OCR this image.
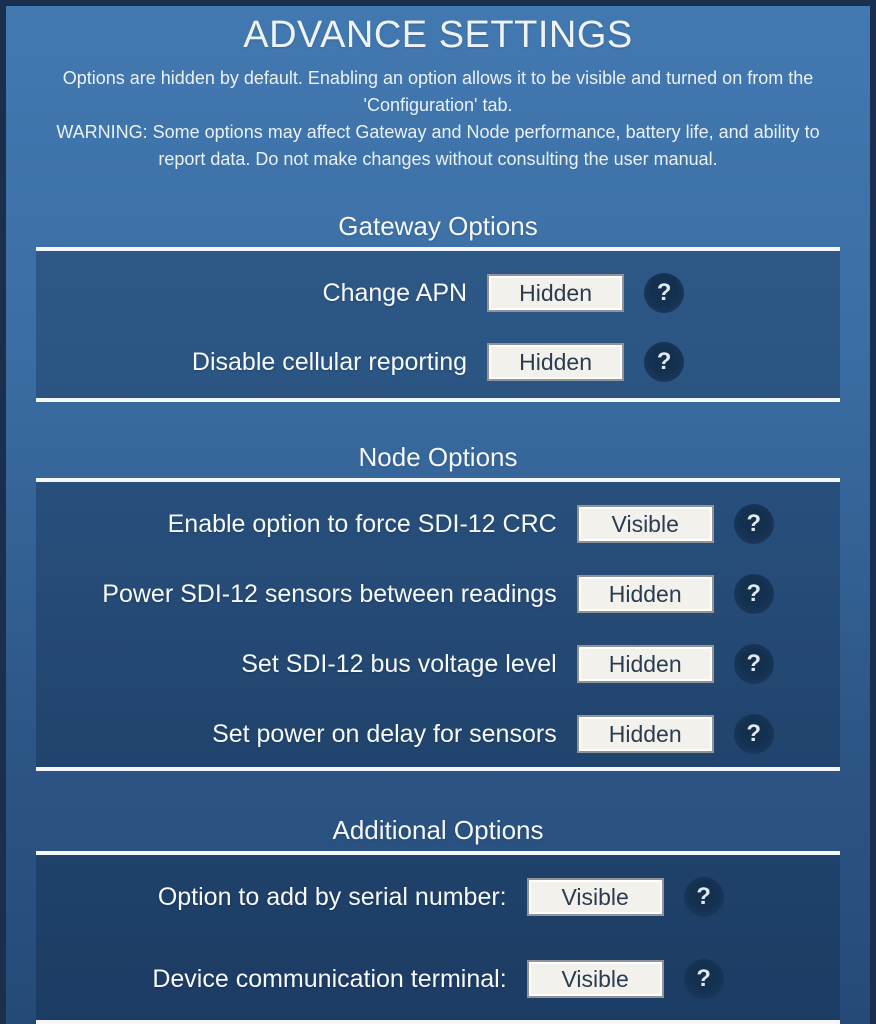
ADVANCE SETTINGS

Options are hidden by default. Enabling an option allows it to be visible and turned on from the 'Configuration' tab.

WARNING: Some options may affect Gateway and Node performance, battery life, and ability to report data. Do not make changes without consulting the user manual.

Gateway Options
Change APN	Hidden	?
Disable cellular reporting	Hidden	?
Node Options
Enable option to force SDI-12 CRC	Visible	?
Power SDI-12 sensors between readings	Hidden	?
Set SDI-12 bus voltage level	Hidden	?
Set power on delay for sensors	Hidden	?
Additional Options
Option to add by serial number:	Visible	?
Device communication terminal:	Visible	?
